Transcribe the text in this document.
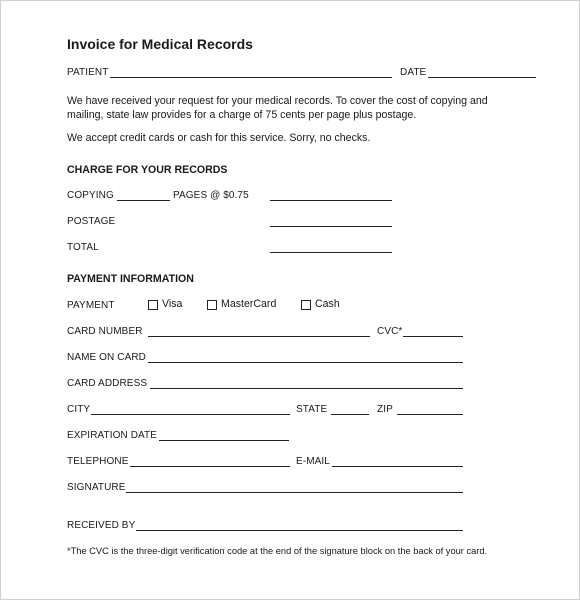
Invoice for Medical Records
PATIENT	DATE
We have received your request for your medical records. To cover the cost of copying and
mailing, state law provides for a charge of 75 cents per page plus postage.
We accept credit cards or cash for this service. Sorry, no checks.
CHARGE FOR YOUR RECORDS
COPYING	PAGES @ $0.75
POSTAGE
TOTAL
PAYMENT INFORMATION
PAYMENT	Visa	MasterCard	Cash
CARD NUMBER	CVC*
NAME ON CARD
CARD ADDRESS
CITY	STATE	ZIP
EXPIRATION DATE
TELEPHONE	E-MAIL
SIGNATURE
RECEIVED BY
*The CVC is the three-digit verification code at the end of the signature block on the back of your card.
